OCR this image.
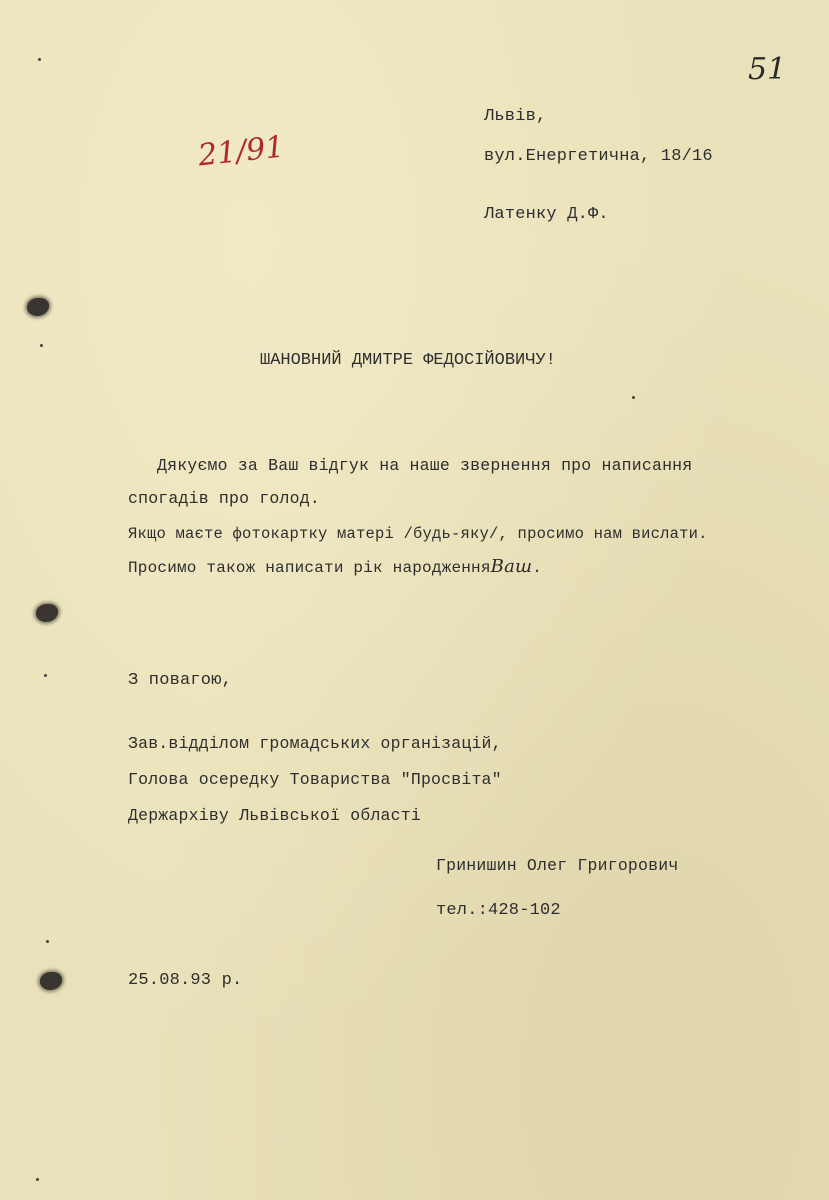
51
21/91
Львів,
вул.Енергетична, 18/16
Латенку Д.Ф.
ШАНОВНИЙ ДМИТРЕ ФЕДОСІЙОВИЧУ!
Дякуємо за Ваш відгук на наше звернення про написання
спогадів про голод.
Якщо маєте фотокартку матері /будь-яку/, просимо нам вислати.
Просимо також написати рік народженняВаш.
З повагою,
Зав.відділом громадських організацій,
Голова осередку Товариства "Просвіта"
Держархіву Львівської області
Гринишин Олег Григорович
тел.:428-102
25.08.93 р.
